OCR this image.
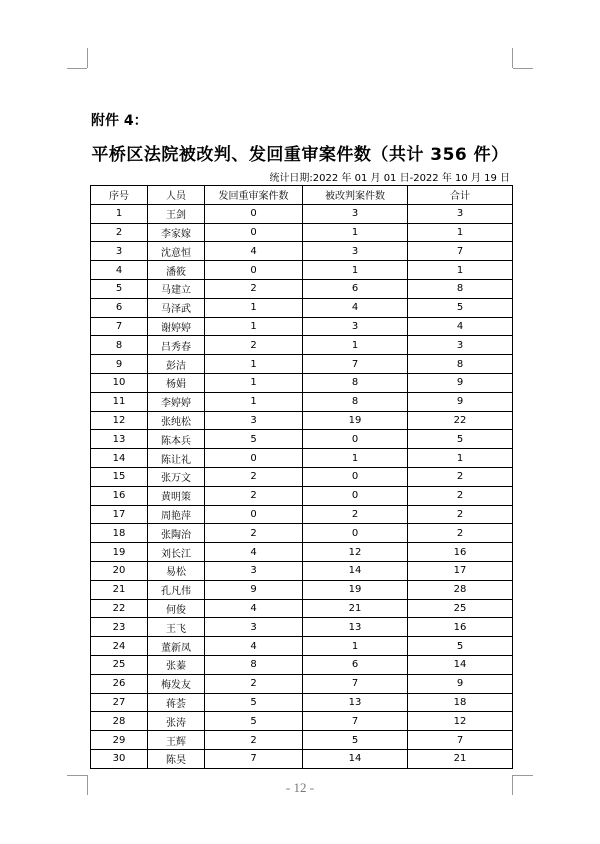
附件 4：
平桥区法院被改判、发回重审案件数（共计 356 件）
统计日期:2022 年 01 月 01 日-2022 年 10 月 19 日
序号	人员	发回重审案件数	被改判案件数	合计
1	王剑	0	3	3
2	李家嫁	0	1	1
3	沈意恒	4	3	7
4	潘筱	0	1	1
5	马建立	2	6	8
6	马泽武	1	4	5
7	谢婷婷	1	3	4
8	吕秀春	2	1	3
9	彭洁	1	7	8
10	杨娟	1	8	9
11	李婷婷	1	8	9
12	张纯松	3	19	22
13	陈本兵	5	0	5
14	陈让礼	0	1	1
15	张万文	2	0	2
16	黄明策	2	0	2
17	周艳萍	0	2	2
18	张陶治	2	0	2
19	刘长江	4	12	16
20	易松	3	14	17
21	孔凡伟	9	19	28
22	何俊	4	21	25
23	王飞	3	13	16
24	董新凤	4	1	5
25	张蓁	8	6	14
26	梅发友	2	7	9
27	蒋荟	5	13	18
28	张涛	5	7	12
29	王辉	2	5	7
30	陈昊	7	14	21
- 12 -
